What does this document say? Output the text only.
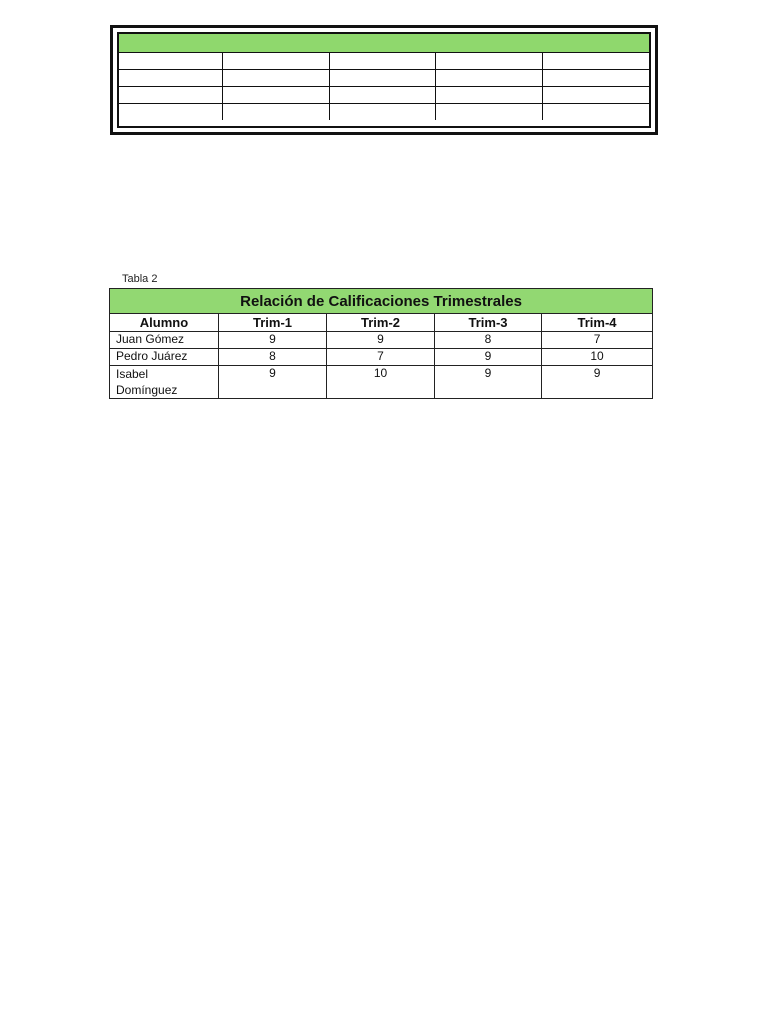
Tabla 2
Relación de Calificaciones Trimestrales				
Alumno	Trim-1	Trim-2	Trim-3	Trim-4
Juan Gómez	9	9	8	7
Pedro Juárez	8	7	9	10
Isabel
Domínguez	9	10	9	9
